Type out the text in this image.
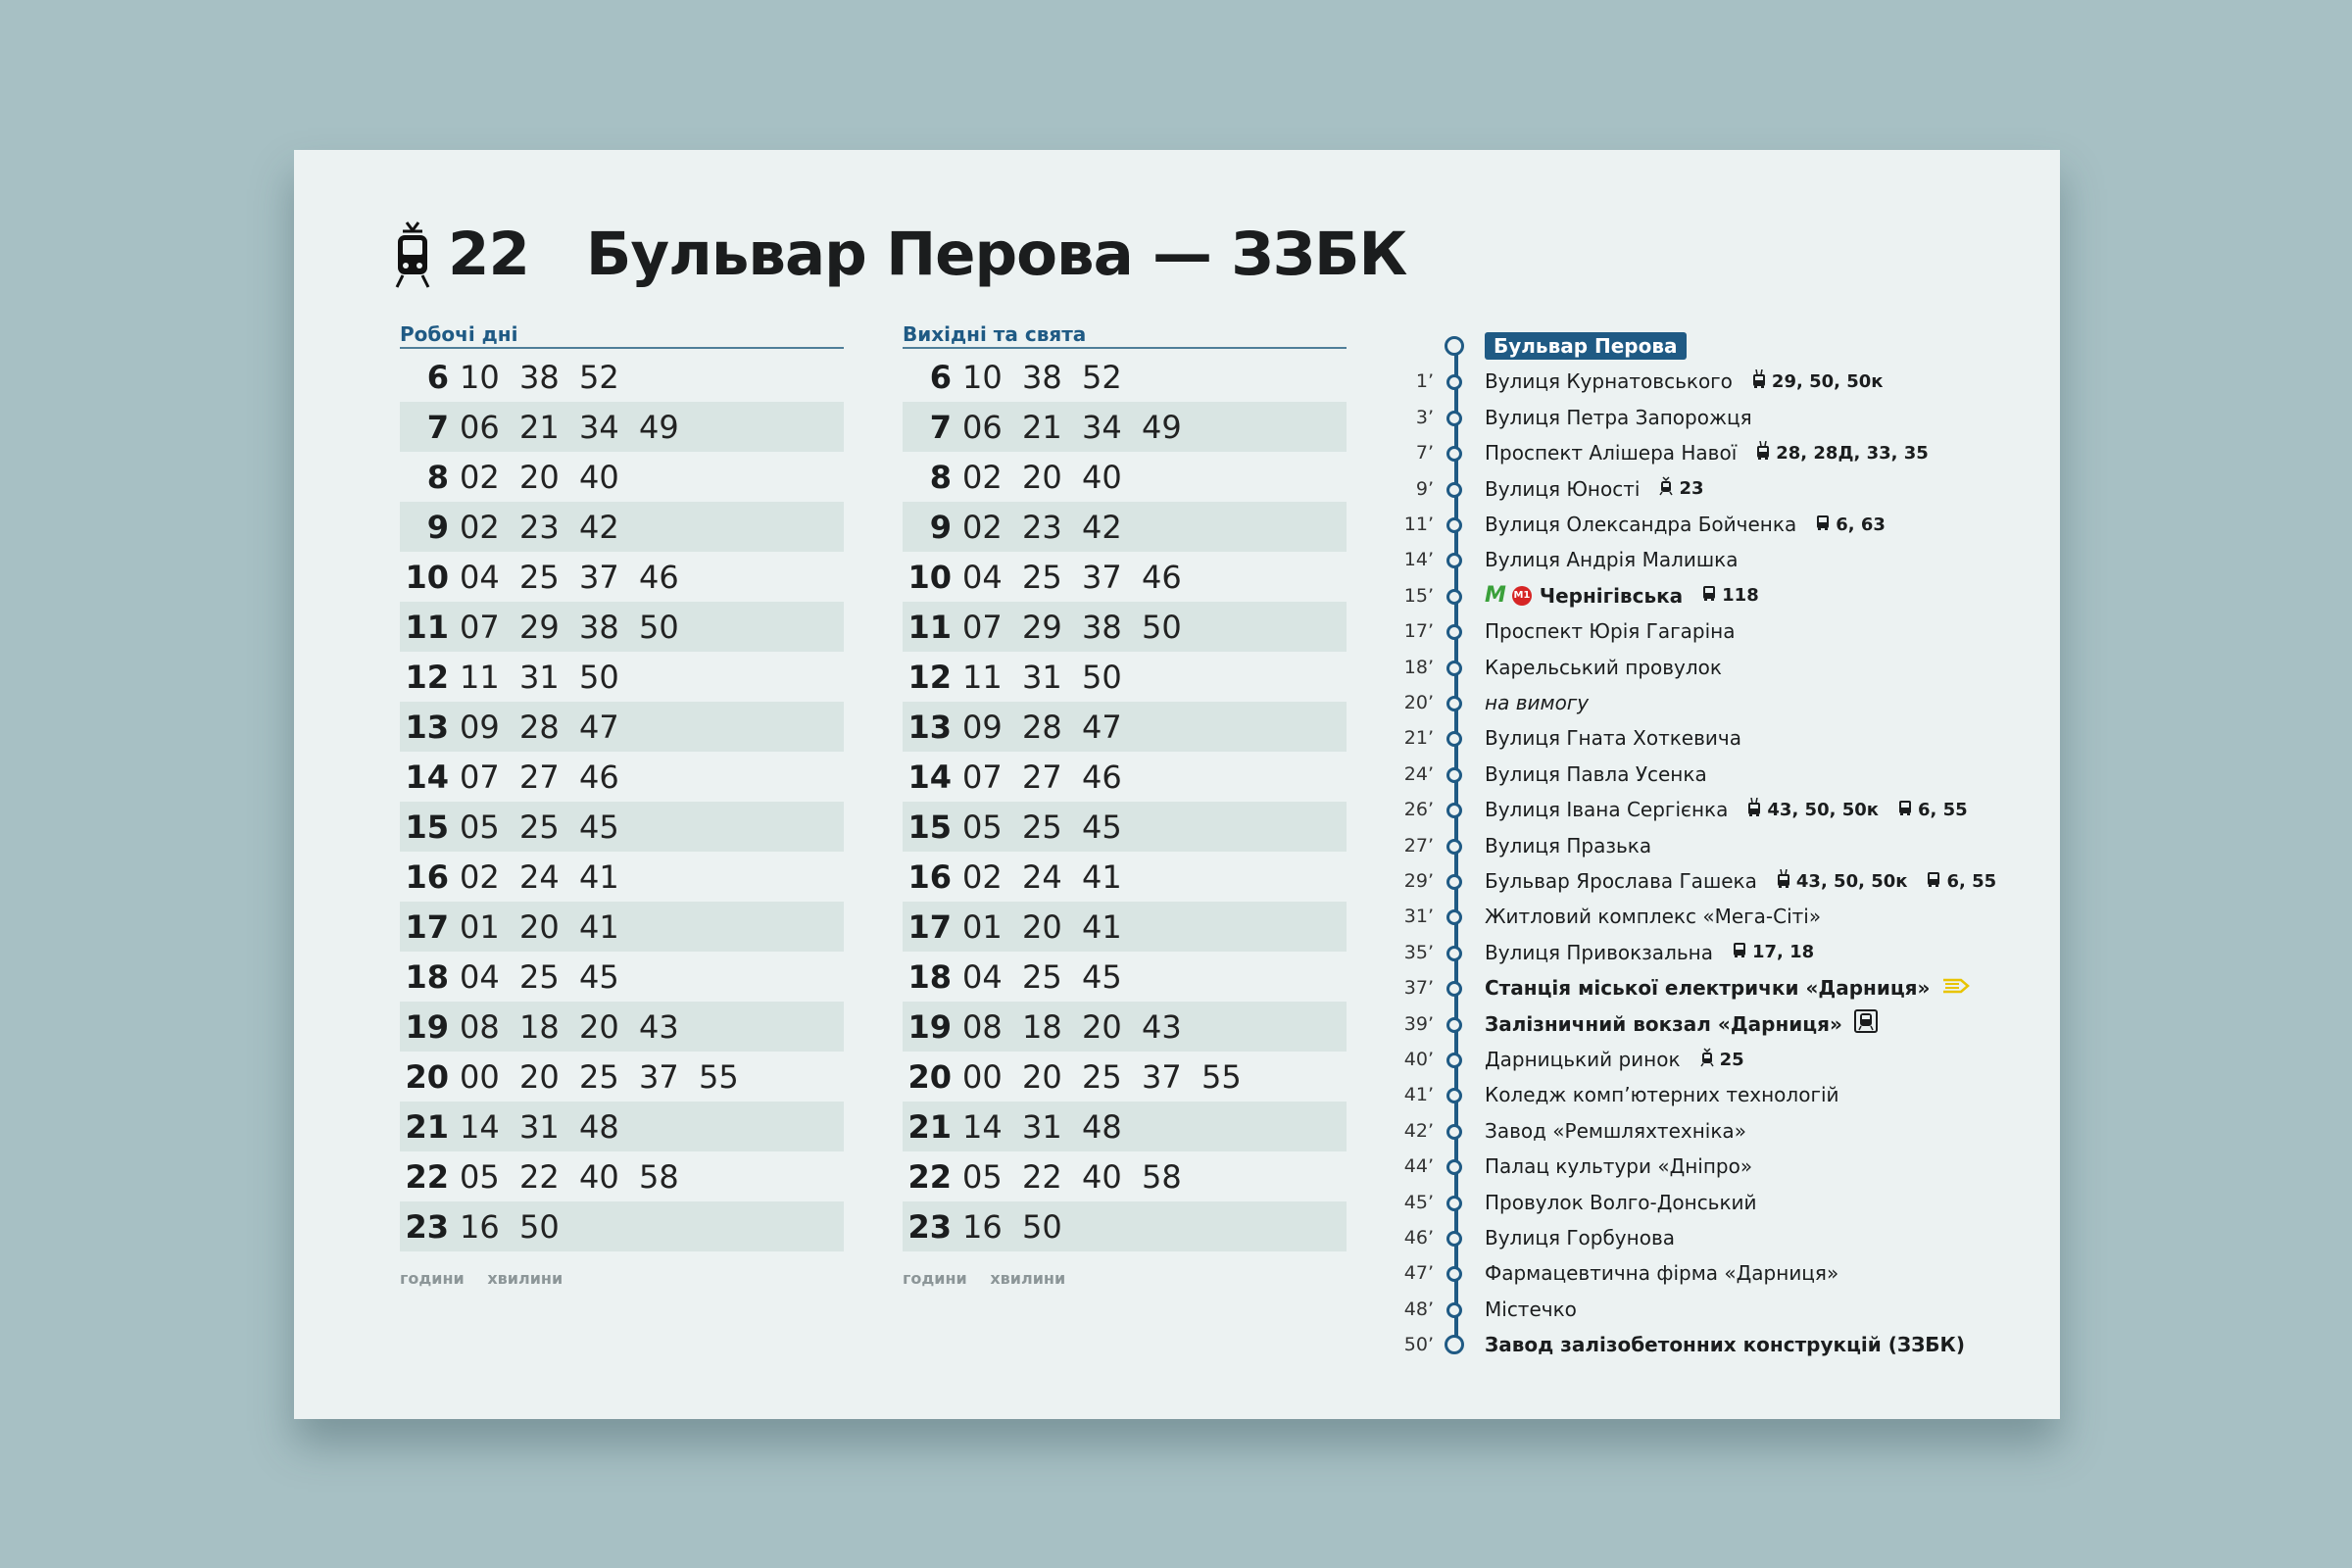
22 Бульвар Перова — ЗЗБК
Робочі дні
6 10 38 52
7 06 21 34 49
8 02 20 40
9 02 23 42
10 04 25 37 46
11 07 29 38 50
12 11 31 50
13 09 28 47
14 07 27 46
15 05 25 45
16 02 24 41
17 01 20 41
18 04 25 45
19 08 18 20 43
20 00 20 25 37 55
21 14 31 48
22 05 22 40 58
23 16 50
години хвилини
Вихідні та свята
6 10 38 52
7 06 21 34 49
8 02 20 40
9 02 23 42
10 04 25 37 46
11 07 29 38 50
12 11 31 50
13 09 28 47
14 07 27 46
15 05 25 45
16 02 24 41
17 01 20 41
18 04 25 45
19 08 18 20 43
20 00 20 25 37 55
21 14 31 48
22 05 22 40 58
23 16 50
години хвилини
Бульвар Перова
1’	Вулиця Курнатовського 29, 50, 50к
3’	Вулиця Петра Запорожця
7’	Проспект Алішера Навої 28, 28Д, 33, 35
9’	Вулиця Юності 23
11’	Вулиця Олександра Бойченка 6, 63
14’	Вулиця Андрія Малишка
15’ M M1 Чернігівська 118
17’	Проспект Юрія Гагаріна
18’	Карельський провулок
20’	на вимогу
21’	Вулиця Гната Хоткевича
24’	Вулиця Павла Усенка
26’	Вулиця Івана Сергієнка 43, 50, 50к 6, 55
27’	Вулиця Празька
29’	Бульвар Ярослава Гашека 43, 50, 50к 6, 55
31’	Житловий комплекс «Мега-Сіті»
35’	Вулиця Привокзальна 17, 18
37’	Станція міської електрички «Дарниця»
39’	Залізничний вокзал «Дарниця»
40’	Дарницький ринок 25
41’	Коледж комп’ютерних технологій
42’	Завод «Ремшляхтехніка»
44’	Палац культури «Дніпро»
45’	Провулок Волго-Донський
46’	Вулиця Горбунова
47’	Фармацевтична фірма «Дарниця»
48’	Містечко
50’	Завод залізобетонних конструкцій (ЗЗБК)
